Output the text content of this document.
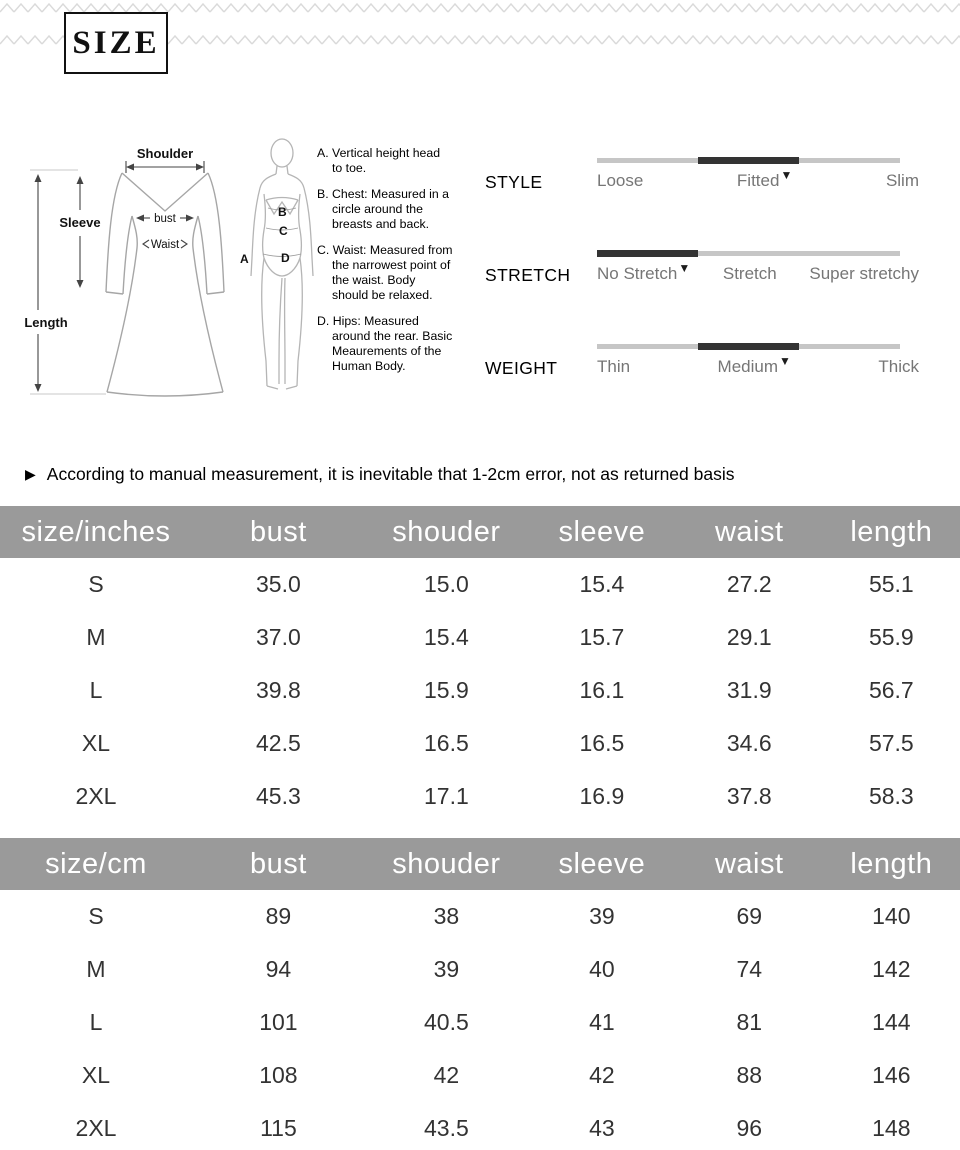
SIZE
Shoulder
Sleeve	bust
Waist
Length
A
B
C
D
A. Vertical height head to toe.
B. Chest: Measured in a circle around the breasts and back.
C. Waist: Measured from the narrowest point of the waist. Body should be relaxed.
D. Hips: Measured around the rear. Basic Meaurements of the Human Body.
STYLE	Loose	Fitted▼	Slim
STRETCH No Stretch▼ Stretch Super stretchy
WEIGHT Thin	Medium▼	Thick
▶ According to manual measurement, it is inevitable that 1-2cm error, not as returned basis
size/inches	bust	shouder	sleeve	waist	length
S	35.0	15.0	15.4	27.2	55.1
M	37.0	15.4	15.7	29.1	55.9
L	39.8	15.9	16.1	31.9	56.7
XL	42.5	16.5	16.5	34.6	57.5
2XL	45.3	17.1	16.9	37.8	58.3
size/cm	bust	shouder	sleeve	waist	length
S	89	38	39	69	140
M	94	39	40	74	142
L	101	40.5	41	81	144
XL	108	42	42	88	146
2XL	115	43.5	43	96	148
